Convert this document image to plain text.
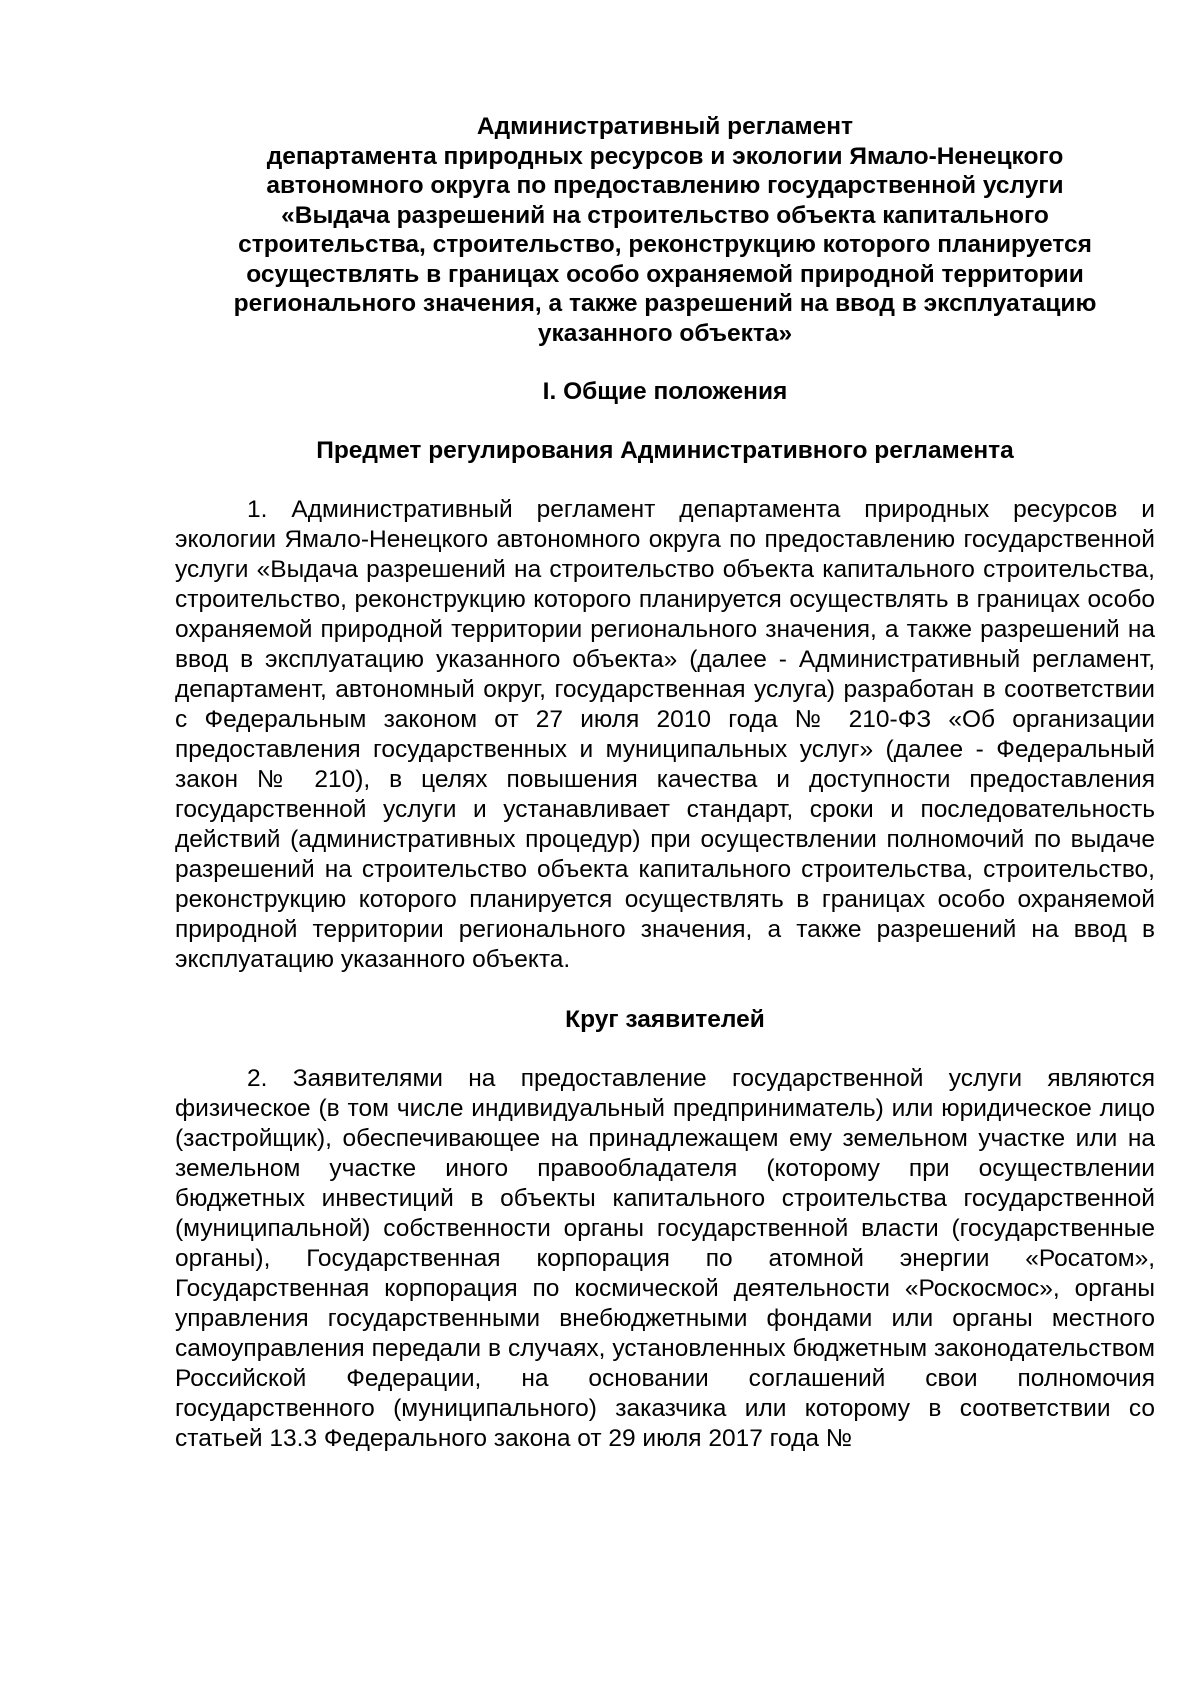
Административный регламент
департамента природных ресурсов и экологии Ямало-Ненецкого
автономного округа по предоставлению государственной услуги
«Выдача разрешений на строительство объекта капитального
строительства, строительство, реконструкцию которого планируется
осуществлять в границах особо охраняемой природной территории
регионального значения, а также разрешений на ввод в эксплуатацию
указанного объекта»
I. Общие положения
Предмет регулирования Административного регламента

1. Административный регламент департамента природных ресурсов и экологии Ямало-Ненецкого автономного округа по предоставлению государственной услуги «Выдача разрешений на строительство объекта капитального строительства, строительство, реконструкцию которого планируется осуществлять в границах особо охраняемой природной территории регионального значения, а также разрешений на ввод в эксплуатацию указанного объекта» (далее - Административный регламент, департамент, автономный округ, государственная услуга) разработан в соответствии с Федеральным законом от 27 июля 2010 года № 210-ФЗ «Об организации предоставления государственных и муниципальных услуг» (далее - Федеральный закон № 210), в целях повышения качества и доступности предоставления государственной услуги и устанавливает стандарт, сроки и последовательность действий (административных процедур) при осуществлении полномочий по выдаче разрешений на строительство объекта капитального строительства, строительство, реконструкцию которого планируется осуществлять в границах особо охраняемой природной территории регионального значения, а также разрешений на ввод в эксплуатацию указанного объекта.

Круг заявителей

2. Заявителями на предоставление государственной услуги являются физическое (в том числе индивидуальный предприниматель) или юридическое лицо (застройщик), обеспечивающее на принадлежащем ему земельном участке или на земельном участке иного правообладателя (которому при осуществлении бюджетных инвестиций в объекты капитального строительства государственной (муниципальной) собственности органы государственной власти (государственные органы), Государственная корпорация по атомной энергии «Росатом», Государственная корпорация по космической деятельности «Роскосмос», органы управления государственными внебюджетными фондами или органы местного самоуправления передали в случаях, установленных бюджетным законодательством Российской Федерации, на основании соглашений свои полномочия государственного (муниципального) заказчика или которому в соответствии со статьей 13.3 Федерального закона от 29 июля 2017 года №
